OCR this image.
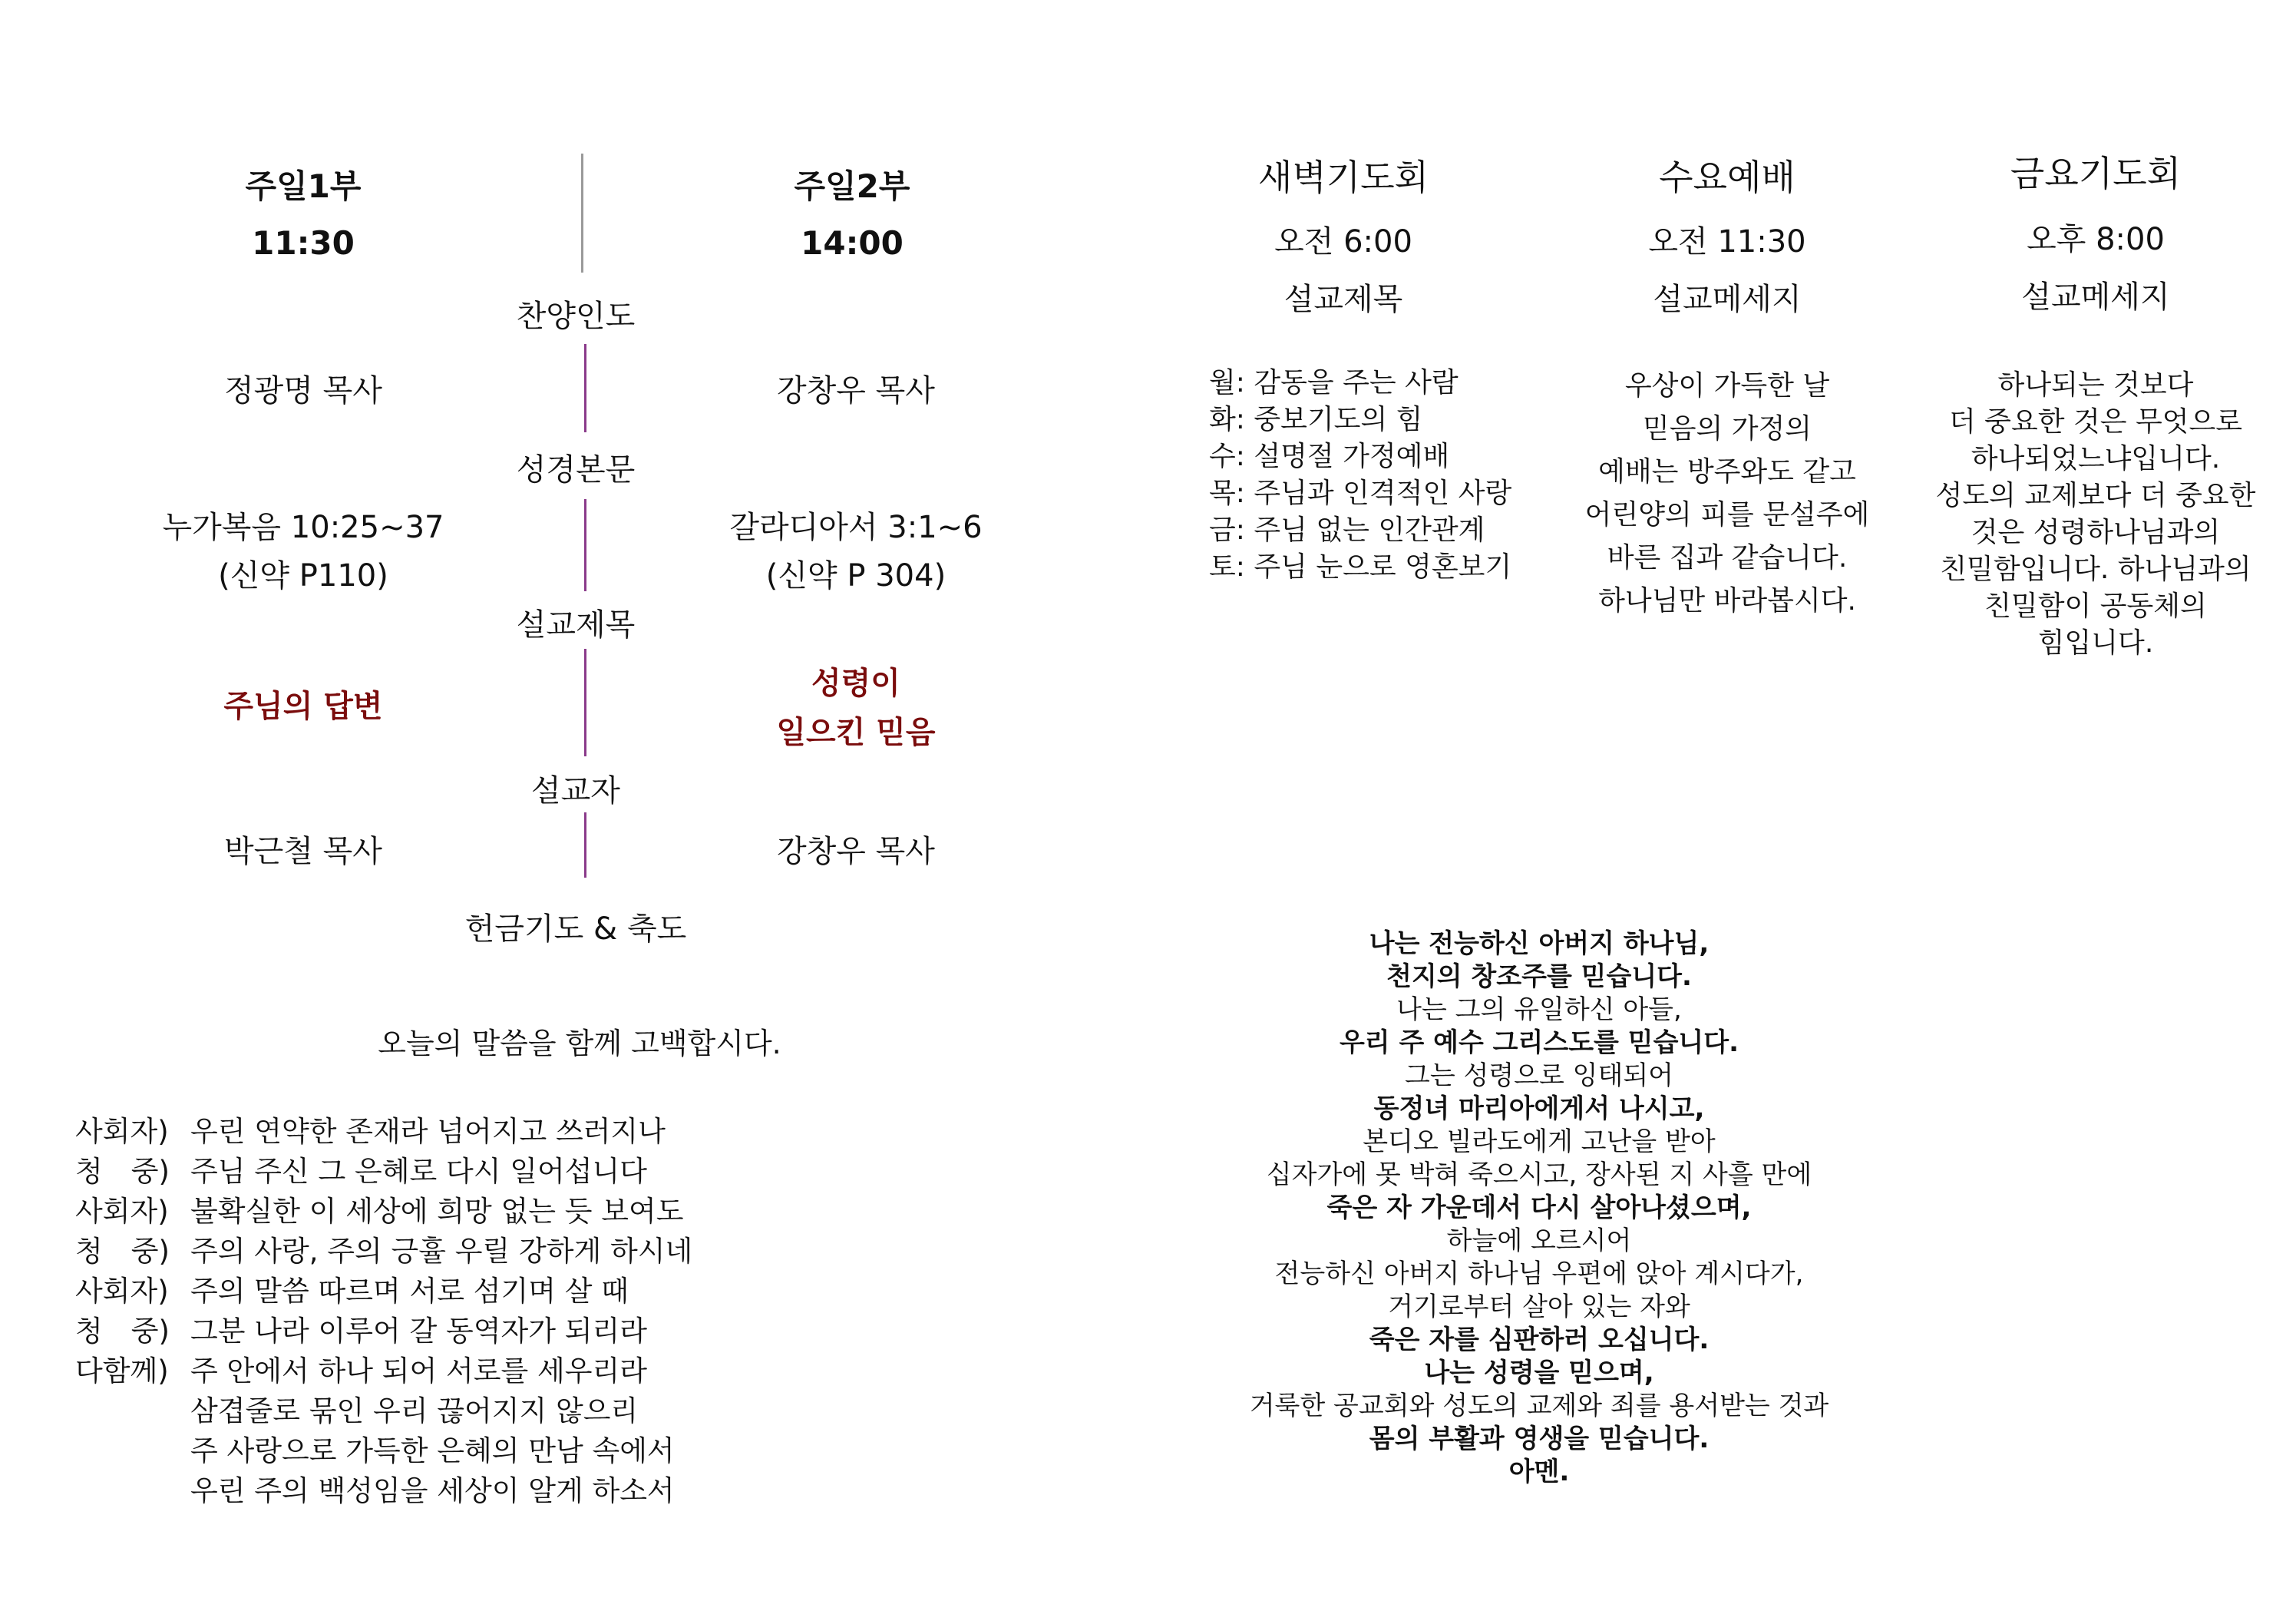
주일1부
11:30
주일2부
14:00
찬양인도
정광명 목사	강창우 목사
성경본문
누가복음 10:25~37
(신약 P110)
갈라디아서 3:1~6
(신약 P 304)
설교제목
주님의 답변
성령이
일으킨 믿음
설교자
박근철 목사	강창우 목사
헌금기도 & 축도
새벽기도회
오전 6:00
설교제목
월: 감동을 주는 사람
화: 중보기도의 힘
수: 설명절 가정예배
목: 주님과 인격적인 사랑
금: 주님 없는 인간관계
토: 주님 눈으로 영혼보기
수요예배
오전 11:30
설교메세지
우상이 가득한 날
믿음의 가정의
예배는 방주와도 같고
어린양의 피를 문설주에
바른 집과 같습니다.
하나님만 바라봅시다.
금요기도회
오후 8:00
설교메세지
하나되는 것보다
더 중요한 것은 무엇으로
하나되었느냐입니다.
성도의 교제보다 더 중요한
것은 성령하나님과의
친밀함입니다. 하나님과의
친밀함이 공동체의
힘입니다.
오늘의 말씀을 함께 고백합시다.
사회자) 우린 연약한 존재라 넘어지고 쓰러지나
청　중) 주님 주신 그 은혜로 다시 일어섭니다
사회자) 불확실한 이 세상에 희망 없는 듯 보여도
청　중) 주의 사랑, 주의 긍휼 우릴 강하게 하시네
사회자) 주의 말씀 따르며 서로 섬기며 살 때
청　중) 그분 나라 이루어 갈 동역자가 되리라
다함께) 주 안에서 하나 되어 서로를 세우리라
삼겹줄로 묶인 우리 끊어지지 않으리
주 사랑으로 가득한 은혜의 만남 속에서
우린 주의 백성임을 세상이 알게 하소서
나는 전능하신 아버지 하나님,
천지의 창조주를 믿습니다.
나는 그의 유일하신 아들,
우리 주 예수 그리스도를 믿습니다.
그는 성령으로 잉태되어
동정녀 마리아에게서 나시고,
본디오 빌라도에게 고난을 받아
십자가에 못 박혀 죽으시고, 장사된 지 사흘 만에
죽은 자 가운데서 다시 살아나셨으며,
하늘에 오르시어
전능하신 아버지 하나님 우편에 앉아 계시다가,
거기로부터 살아 있는 자와
죽은 자를 심판하러 오십니다.
나는 성령을 믿으며,
거룩한 공교회와 성도의 교제와 죄를 용서받는 것과
몸의 부활과 영생을 믿습니다.
아멘.
